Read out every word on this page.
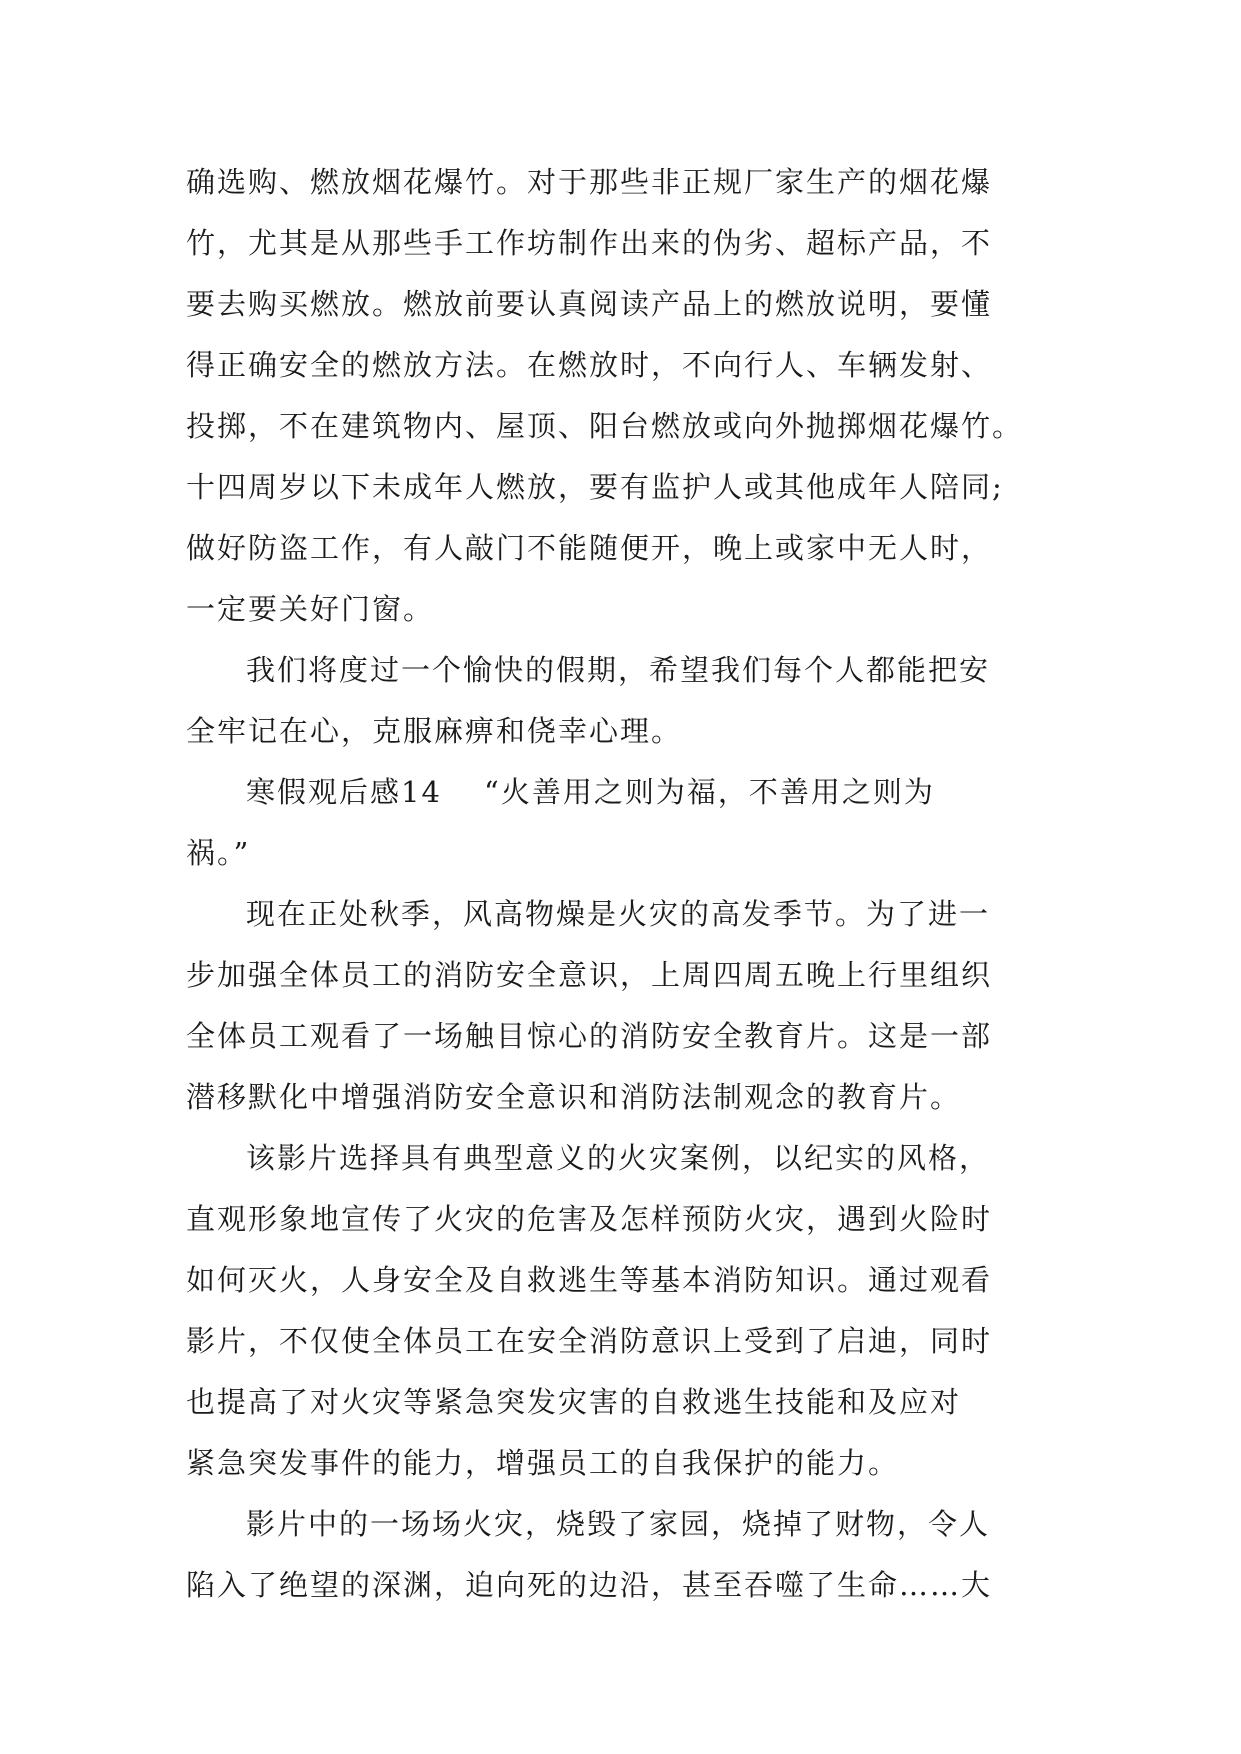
确选购、燃放烟花爆竹。对于那些非正规厂家生产的烟花爆
竹，尤其是从那些手工作坊制作出来的伪劣、超标产品，不
要去购买燃放。燃放前要认真阅读产品上的燃放说明，要懂
得正确安全的燃放方法。在燃放时，不向行人、车辆发射、
投掷，不在建筑物内、屋顶、阳台燃放或向外抛掷烟花爆竹。
十四周岁以下未成年人燃放，要有监护人或其他成年人陪同;
做好防盗工作，有人敲门不能随便开，晚上或家中无人时，
一定要关好门窗。
我们将度过一个愉快的假期，希望我们每个人都能把安
全牢记在心，克服麻痹和侥幸心理。
寒假观后感14 “火善用之则为福，不善用之则为
祸。”
现在正处秋季，风高物燥是火灾的高发季节。为了进一
步加强全体员工的消防安全意识，上周四周五晚上行里组织
全体员工观看了一场触目惊心的消防安全教育片。这是一部
潜移默化中增强消防安全意识和消防法制观念的教育片。
该影片选择具有典型意义的火灾案例，以纪实的风格，
直观形象地宣传了火灾的危害及怎样预防火灾，遇到火险时
如何灭火，人身安全及自救逃生等基本消防知识。通过观看
影片，不仅使全体员工在安全消防意识上受到了启迪，同时
也提高了对火灾等紧急突发灾害的自救逃生技能和及应对
紧急突发事件的能力，增强员工的自我保护的能力。
影片中的一场场火灾，烧毁了家园，烧掉了财物，令人
陷入了绝望的深渊，迫向死的边沿，甚至吞噬了生命……大
